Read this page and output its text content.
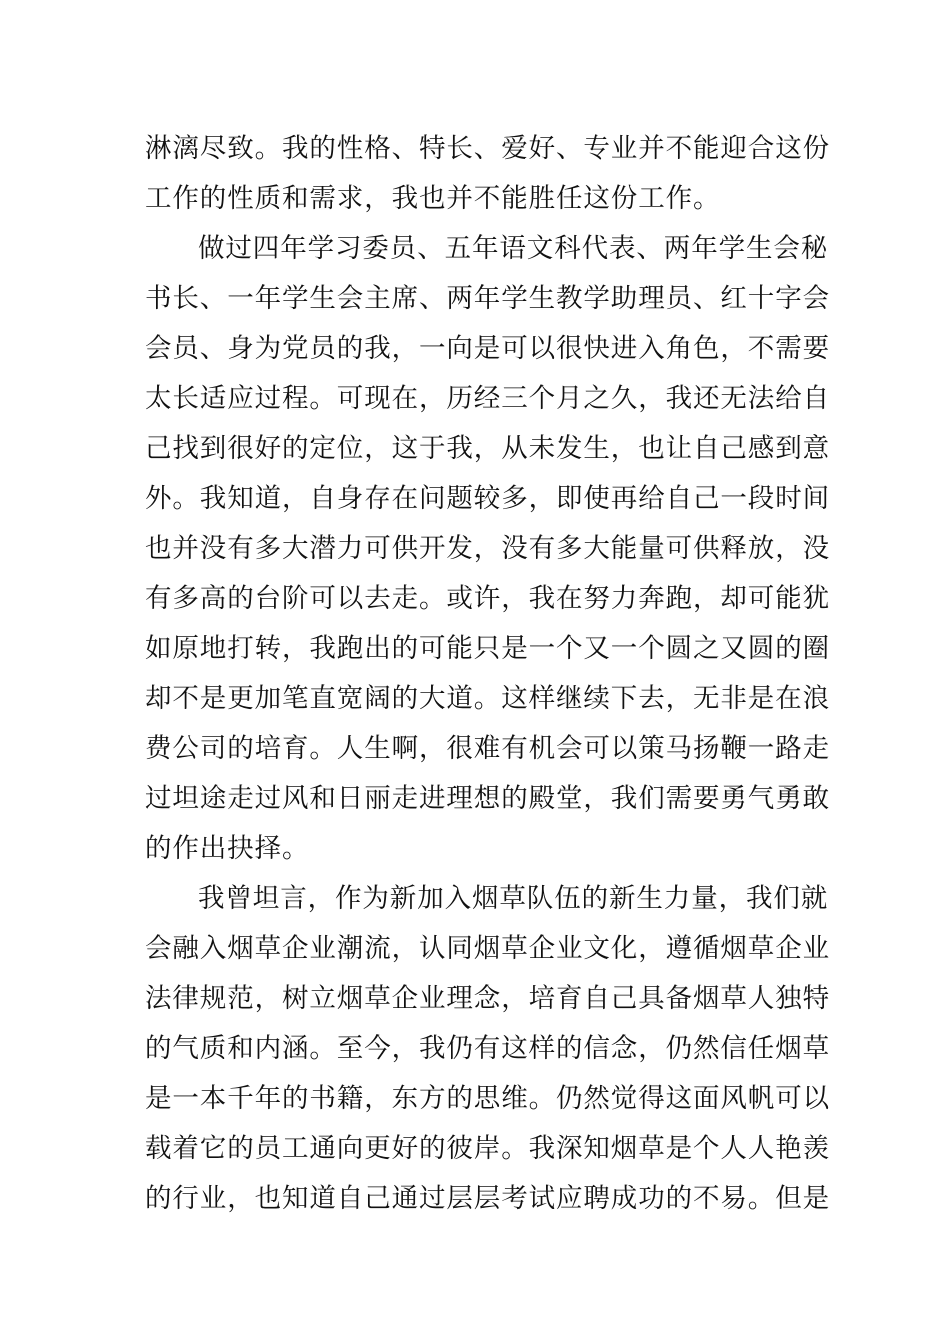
淋漓尽致。我的性格、特长、爱好、专业并不能迎合这份
工作的性质和需求，我也并不能胜任这份工作。
做过四年学习委员、五年语文科代表、两年学生会秘
书长、一年学生会主席、两年学生教学助理员、红十字会
会员、身为党员的我，一向是可以很快进入角色，不需要
太长适应过程。可现在，历经三个月之久，我还无法给自
己找到很好的定位，这于我，从未发生，也让自己感到意
外。我知道，自身存在问题较多，即使再给自己一段时间
也并没有多大潜力可供开发，没有多大能量可供释放，没
有多高的台阶可以去走。或许，我在努力奔跑，却可能犹
如原地打转，我跑出的可能只是一个又一个圆之又圆的圈
却不是更加笔直宽阔的大道。这样继续下去，无非是在浪
费公司的培育。人生啊，很难有机会可以策马扬鞭一路走
过坦途走过风和日丽走进理想的殿堂，我们需要勇气勇敢
的作出抉择。
我曾坦言，作为新加入烟草队伍的新生力量，我们就
会融入烟草企业潮流，认同烟草企业文化，遵循烟草企业
法律规范，树立烟草企业理念，培育自己具备烟草人独特
的气质和内涵。至今，我仍有这样的信念，仍然信任烟草
是一本千年的书籍，东方的思维。仍然觉得这面风帆可以
载着它的员工通向更好的彼岸。我深知烟草是个人人艳羡
的行业，也知道自己通过层层考试应聘成功的不易。但是
